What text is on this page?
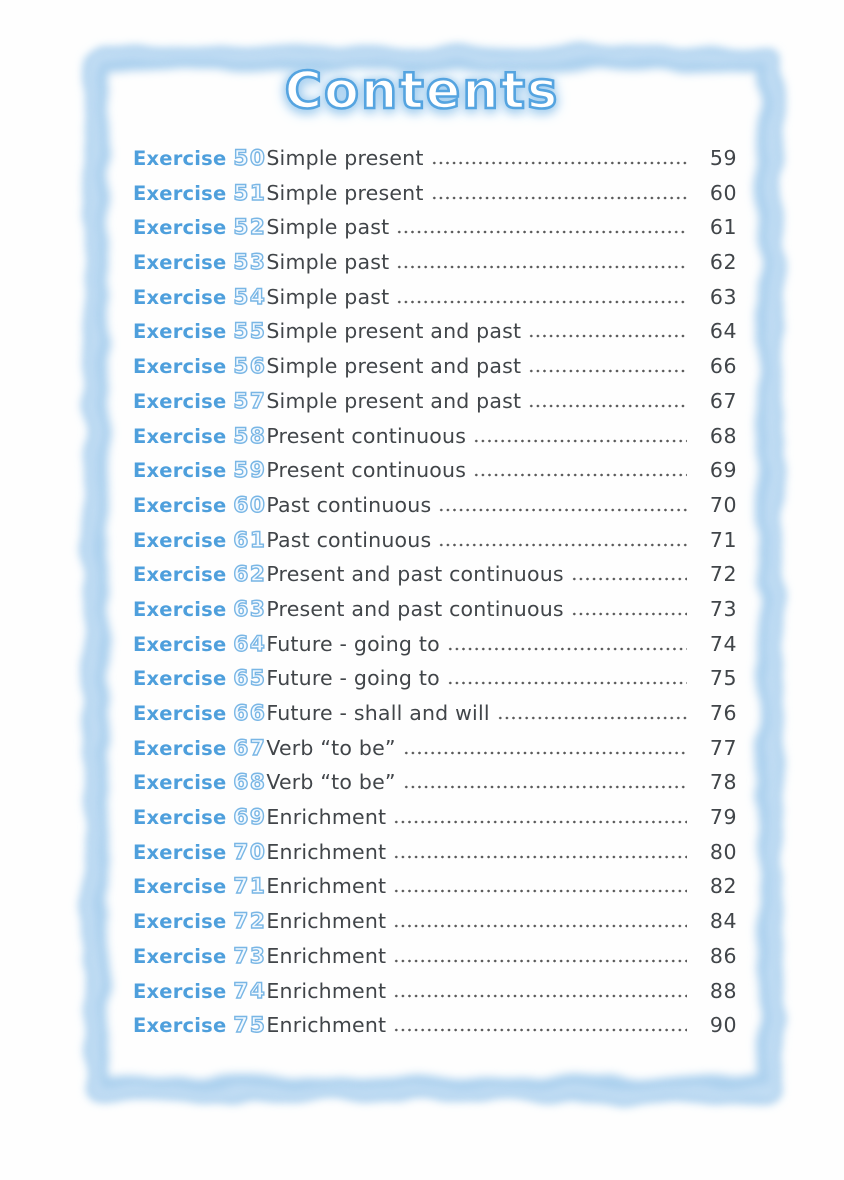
Contents
Exercise 50 Simple present	59
Exercise 51 Simple present	60
Exercise 52 Simple past	61
Exercise 53 Simple past	62
Exercise 54 Simple past	63
Exercise 55 Simple present and past	64
Exercise 56 Simple present and past	66
Exercise 57 Simple present and past	67
Exercise 58 Present continuous	68
Exercise 59 Present continuous	69
Exercise 60 Past continuous	70
Exercise 61 Past continuous	71
Exercise 62 Present and past continuous	72
Exercise 63 Present and past continuous	73
Exercise 64 Future - going to	74
Exercise 65 Future - going to	75
Exercise 66 Future - shall and will	76
Exercise 67 Verb “to be”	77
Exercise 68 Verb “to be”	78
Exercise 69 Enrichment	79
Exercise 70 Enrichment	80
Exercise 71 Enrichment	82
Exercise 72 Enrichment	84
Exercise 73 Enrichment	86
Exercise 74 Enrichment	88
Exercise 75 Enrichment	90
